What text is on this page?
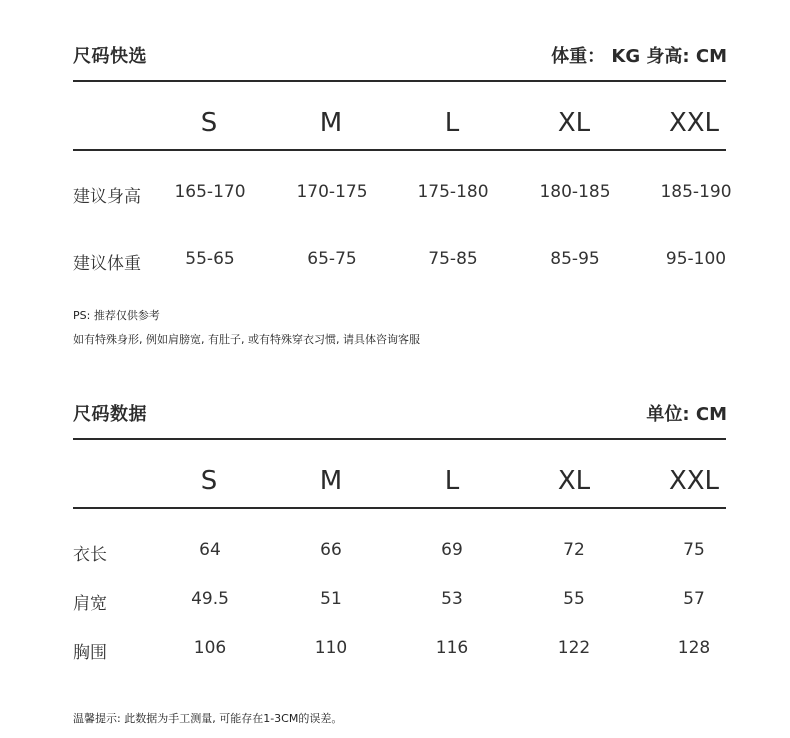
尺码快选	体重： KG 身高: CM
S	M	L	XL	XXL
建议身高	165-170	170-175	175-180	180-185	185-190
建议体重	55-65	65-75	75-85	85-95	95-100
PS: 推荐仅供参考
如有特殊身形, 例如肩膀宽, 有肚子, 或有特殊穿衣习惯, 请具体咨询客服
尺码数据	单位: CM
S	M	L	XL	XXL
衣长	64	66	69	72	75
肩宽	49.5	51	53	55	57
胸围	106	110	116	122	128
温馨提示: 此数据为手工测量, 可能存在1-3CM的误差。
